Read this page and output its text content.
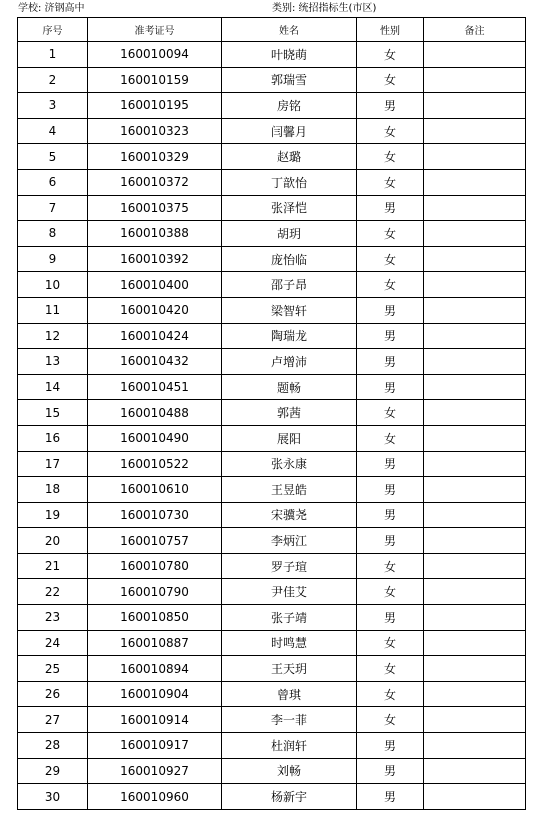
学校: 济钢高中	类别: 统招指标生(市区)
序号	准考证号	姓名	性别	备注
1	160010094	叶晓萌	女	
2	160010159	郭瑞雪	女	
3	160010195	房铭	男	
4	160010323	闫馨月	女	
5	160010329	赵璐	女	
6	160010372	丁歆怡	女	
7	160010375	张泽恺	男	
8	160010388	胡玥	女	
9	160010392	庞怡临	女	
10	160010400	邵子昂	女	
11	160010420	梁智轩	男	
12	160010424	陶瑞龙	男	
13	160010432	卢增沛	男	
14	160010451	题畅	男	
15	160010488	郭茜	女	
16	160010490	展阳	女	
17	160010522	张永康	男	
18	160010610	王昱皓	男	
19	160010730	宋骥尧	男	
20	160010757	李炳江	男	
21	160010780	罗子瑄	女	
22	160010790	尹佳艾	女	
23	160010850	张子靖	男	
24	160010887	时鸣慧	女	
25	160010894	王天玥	女	
26	160010904	曾琪	女	
27	160010914	李一菲	女	
28	160010917	杜润轩	男	
29	160010927	刘畅	男	
30	160010960	杨新宇	男	
